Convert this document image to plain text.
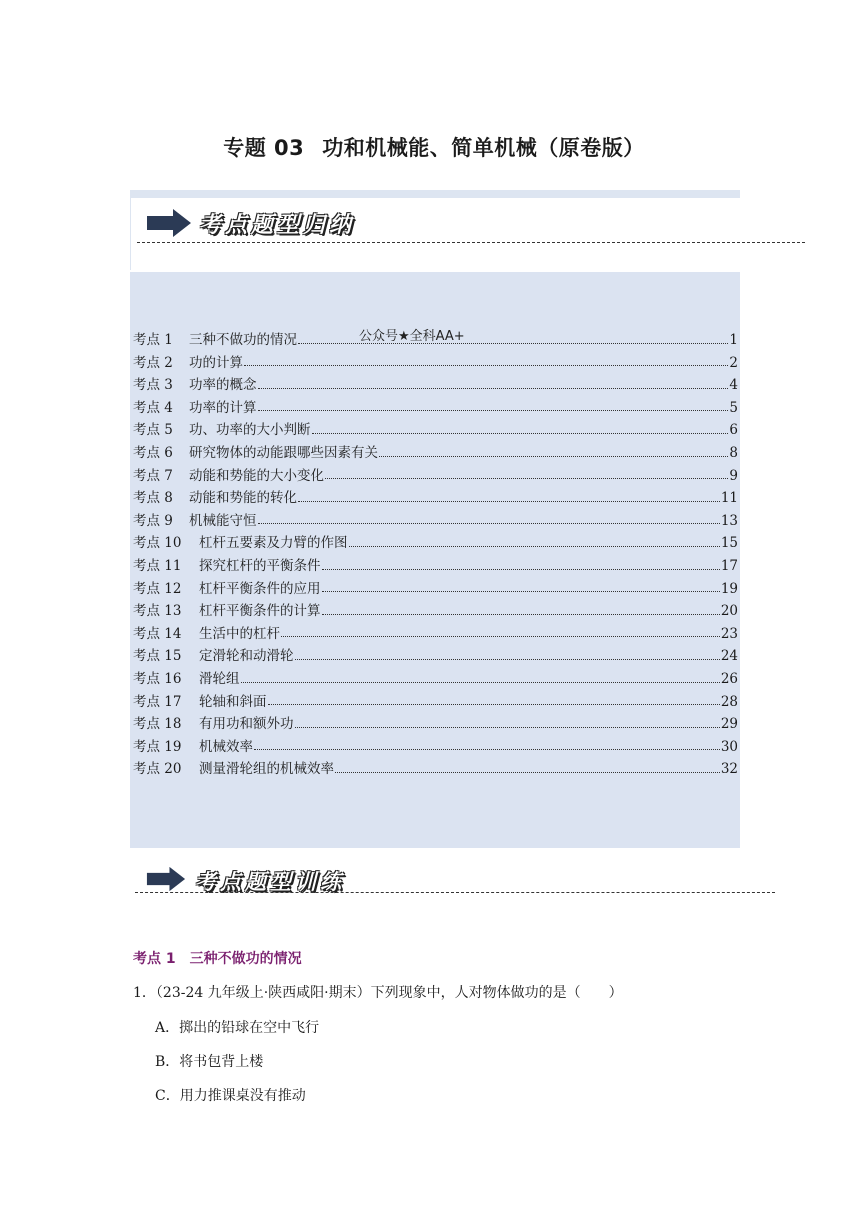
专题 03 功和机械能、简单机械（原卷版）
考点题型归纳
公众号★全科AA+
考点 1	三种不做功的情况	1
考点 2	功的计算	2
考点 3	功率的概念	4
考点 4	功率的计算	5
考点 5	功、功率的大小判断	6
考点 6	研究物体的动能跟哪些因素有关	8
考点 7	动能和势能的大小变化	9
考点 8	动能和势能的转化	11
考点 9	机械能守恒	13
考点 10	杠杆五要素及力臂的作图	15
考点 11	探究杠杆的平衡条件	17
考点 12	杠杆平衡条件的应用	19
考点 13	杠杆平衡条件的计算	20
考点 14	生活中的杠杆	23
考点 15	定滑轮和动滑轮	24
考点 16	滑轮组	26
考点 17	轮轴和斜面	28
考点 18	有用功和额外功	29
考点 19	机械效率	30
考点 20	测量滑轮组的机械效率	32
考点题型训练
考点 1 三种不做功的情况
1．（23-24 九年级上·陕西咸阳·期末）下列现象中，人对物体做功的是（　　）
A．掷出的铅球在空中飞行
B．将书包背上楼
C．用力推课桌没有推动
